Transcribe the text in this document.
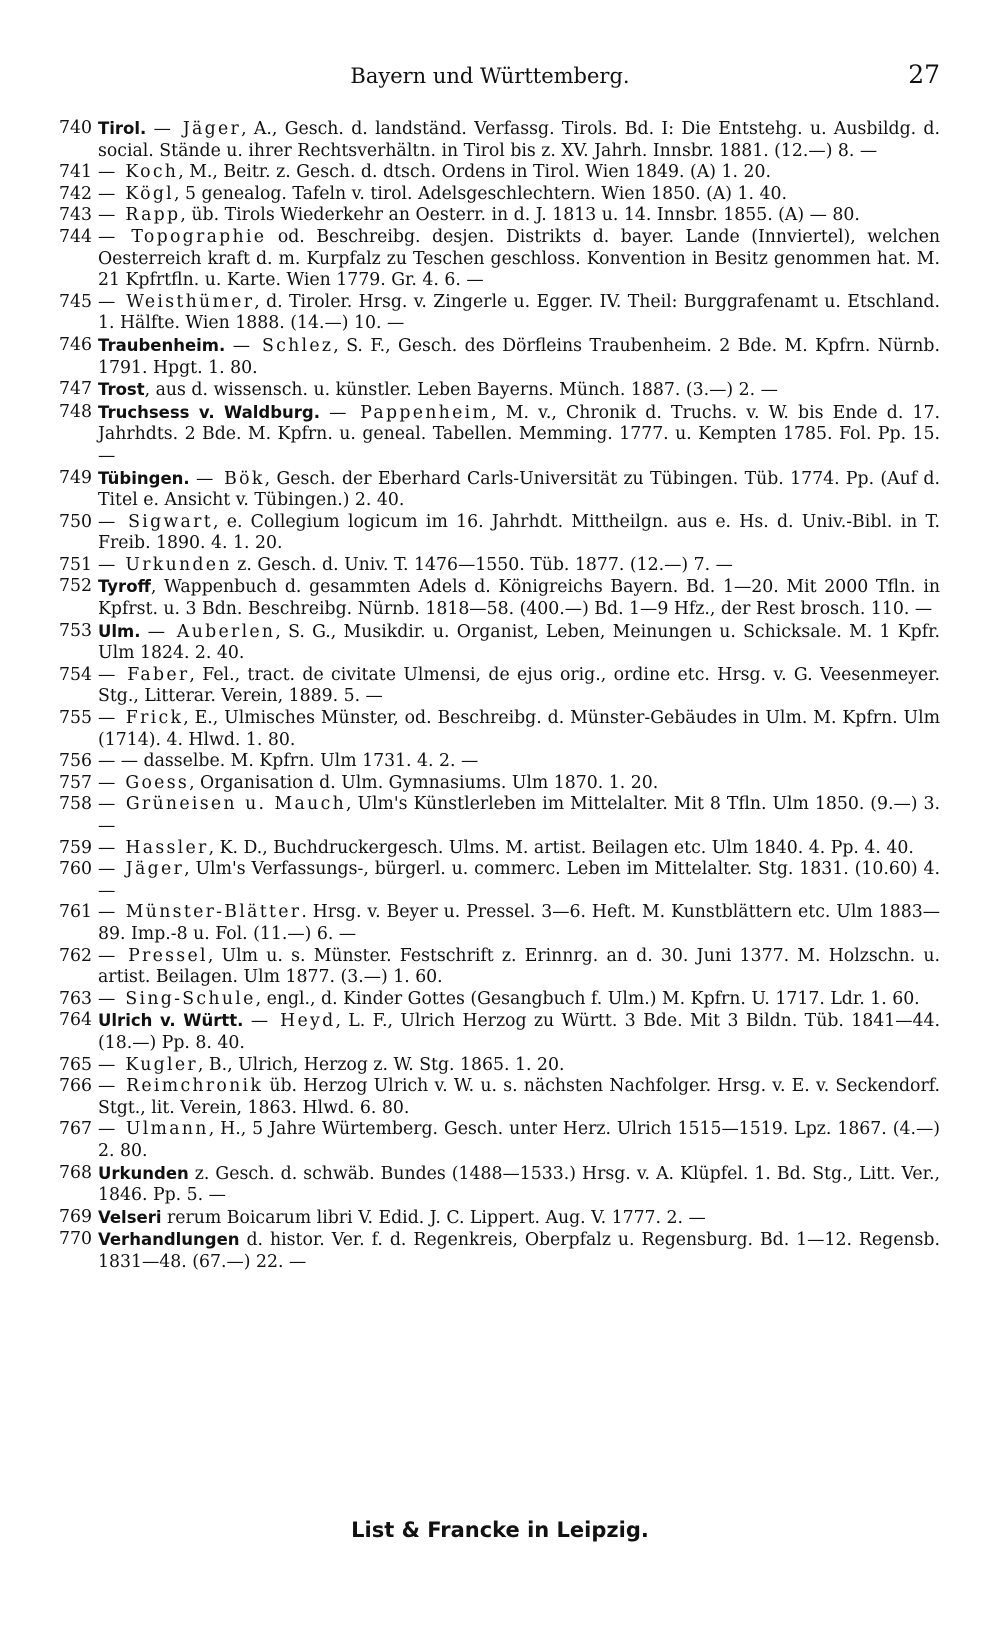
Bayern und Württemberg.	27
740 Tirol. — Jäger, A., Gesch. d. landständ. Verfassg. Tirols. Bd. I: Die Entstehg. u. Ausbildg. d. social. Stände u. ihrer Rechtsverhältn. in Tirol bis z. XV. Jahrh. Innsbr. 1881. (12.—) 8. —
741 — Koch, M., Beitr. z. Gesch. d. dtsch. Ordens in Tirol. Wien 1849. (A) 1. 20.
742 — Kögl, 5 genealog. Tafeln v. tirol. Adelsgeschlechtern. Wien 1850. (A) 1. 40.
743 — Rapp, üb. Tirols Wiederkehr an Oesterr. in d. J. 1813 u. 14. Innsbr. 1855. (A) — 80.
744 — Topographie od. Beschreibg. desjen. Distrikts d. bayer. Lande (Innviertel), welchen Oesterreich kraft d. m. Kurpfalz zu Teschen geschloss. Konvention in Besitz genommen hat. M. 21 Kpfrtfln. u. Karte. Wien 1779. Gr. 4. 6. —
745 — Weisthümer, d. Tiroler. Hrsg. v. Zingerle u. Egger. IV. Theil: Burggrafenamt u. Etschland. 1. Hälfte. Wien 1888. (14.—) 10. —
746 Traubenheim. — Schlez, S. F., Gesch. des Dörfleins Traubenheim. 2 Bde. M. Kpfrn. Nürnb. 1791. Hpgt. 1. 80.
747 Trost, aus d. wissensch. u. künstler. Leben Bayerns. Münch. 1887. (3.—) 2. —
748 Truchsess v. Waldburg. — Pappenheim, M. v., Chronik d. Truchs. v. W. bis Ende d. 17. Jahrhdts. 2 Bde. M. Kpfrn. u. geneal. Tabellen. Memming. 1777. u. Kempten 1785. Fol. Pp. 15. —
749 Tübingen. — Bök, Gesch. der Eberhard Carls-Universität zu Tübingen. Tüb. 1774. Pp. (Auf d. Titel e. Ansicht v. Tübingen.) 2. 40.
750 — Sigwart, e. Collegium logicum im 16. Jahrhdt. Mittheilgn. aus e. Hs. d. Univ.-Bibl. in T. Freib. 1890. 4. 1. 20.
751 — Urkunden z. Gesch. d. Univ. T. 1476—1550. Tüb. 1877. (12.—) 7. —
752 Tyroff, Wappenbuch d. gesammten Adels d. Königreichs Bayern. Bd. 1—20. Mit 2000 Tfln. in Kpfrst. u. 3 Bdn. Beschreibg. Nürnb. 1818—58. (400.—) Bd. 1—9 Hfz., der Rest brosch. 110. —
753 Ulm. — Auberlen, S. G., Musikdir. u. Organist, Leben, Meinungen u. Schicksale. M. 1 Kpfr. Ulm 1824. 2. 40.
754 — Faber, Fel., tract. de civitate Ulmensi, de ejus orig., ordine etc. Hrsg. v. G. Veesenmeyer. Stg., Litterar. Verein, 1889. 5. —
755 — Frick, E., Ulmisches Münster, od. Beschreibg. d. Münster-Gebäudes in Ulm. M. Kpfrn. Ulm (1714). 4. Hlwd. 1. 80.
756 — — dasselbe. M. Kpfrn. Ulm 1731. 4. 2. —
757 — Goess, Organisation d. Ulm. Gymnasiums. Ulm 1870. 1. 20.
758 — Grüneisen u. Mauch, Ulm's Künstlerleben im Mittelalter. Mit 8 Tfln. Ulm 1850. (9.—) 3. —
759 — Hassler, K. D., Buchdruckergesch. Ulms. M. artist. Beilagen etc. Ulm 1840. 4. Pp. 4. 40.
760 — Jäger, Ulm's Verfassungs-, bürgerl. u. commerc. Leben im Mittelalter. Stg. 1831. (10.60) 4. —
761 — Münster-Blätter. Hrsg. v. Beyer u. Pressel. 3—6. Heft. M. Kunstblättern etc. Ulm 1883—89. Imp.-8 u. Fol. (11.—) 6. —
762 — Pressel, Ulm u. s. Münster. Festschrift z. Erinnrg. an d. 30. Juni 1377. M. Holzschn. u. artist. Beilagen. Ulm 1877. (3.—) 1. 60.
763 — Sing-Schule, engl., d. Kinder Gottes (Gesangbuch f. Ulm.) M. Kpfrn. U. 1717. Ldr. 1. 60.
764 Ulrich v. Württ. — Heyd, L. F., Ulrich Herzog zu Württ. 3 Bde. Mit 3 Bildn. Tüb. 1841—44. (18.—) Pp. 8. 40.
765 — Kugler, B., Ulrich, Herzog z. W. Stg. 1865. 1. 20.
766 — Reimchronik üb. Herzog Ulrich v. W. u. s. nächsten Nachfolger. Hrsg. v. E. v. Seckendorf. Stgt., lit. Verein, 1863. Hlwd. 6. 80.
767 — Ulmann, H., 5 Jahre Würtemberg. Gesch. unter Herz. Ulrich 1515—1519. Lpz. 1867. (4.—) 2. 80.
768 Urkunden z. Gesch. d. schwäb. Bundes (1488—1533.) Hrsg. v. A. Klüpfel. 1. Bd. Stg., Litt. Ver., 1846. Pp. 5. —
769 Velseri rerum Boicarum libri V. Edid. J. C. Lippert. Aug. V. 1777. 2. —
770 Verhandlungen d. histor. Ver. f. d. Regenkreis, Oberpfalz u. Regensburg. Bd. 1—12. Regensb. 1831—48. (67.—) 22. —
List & Francke in Leipzig.
